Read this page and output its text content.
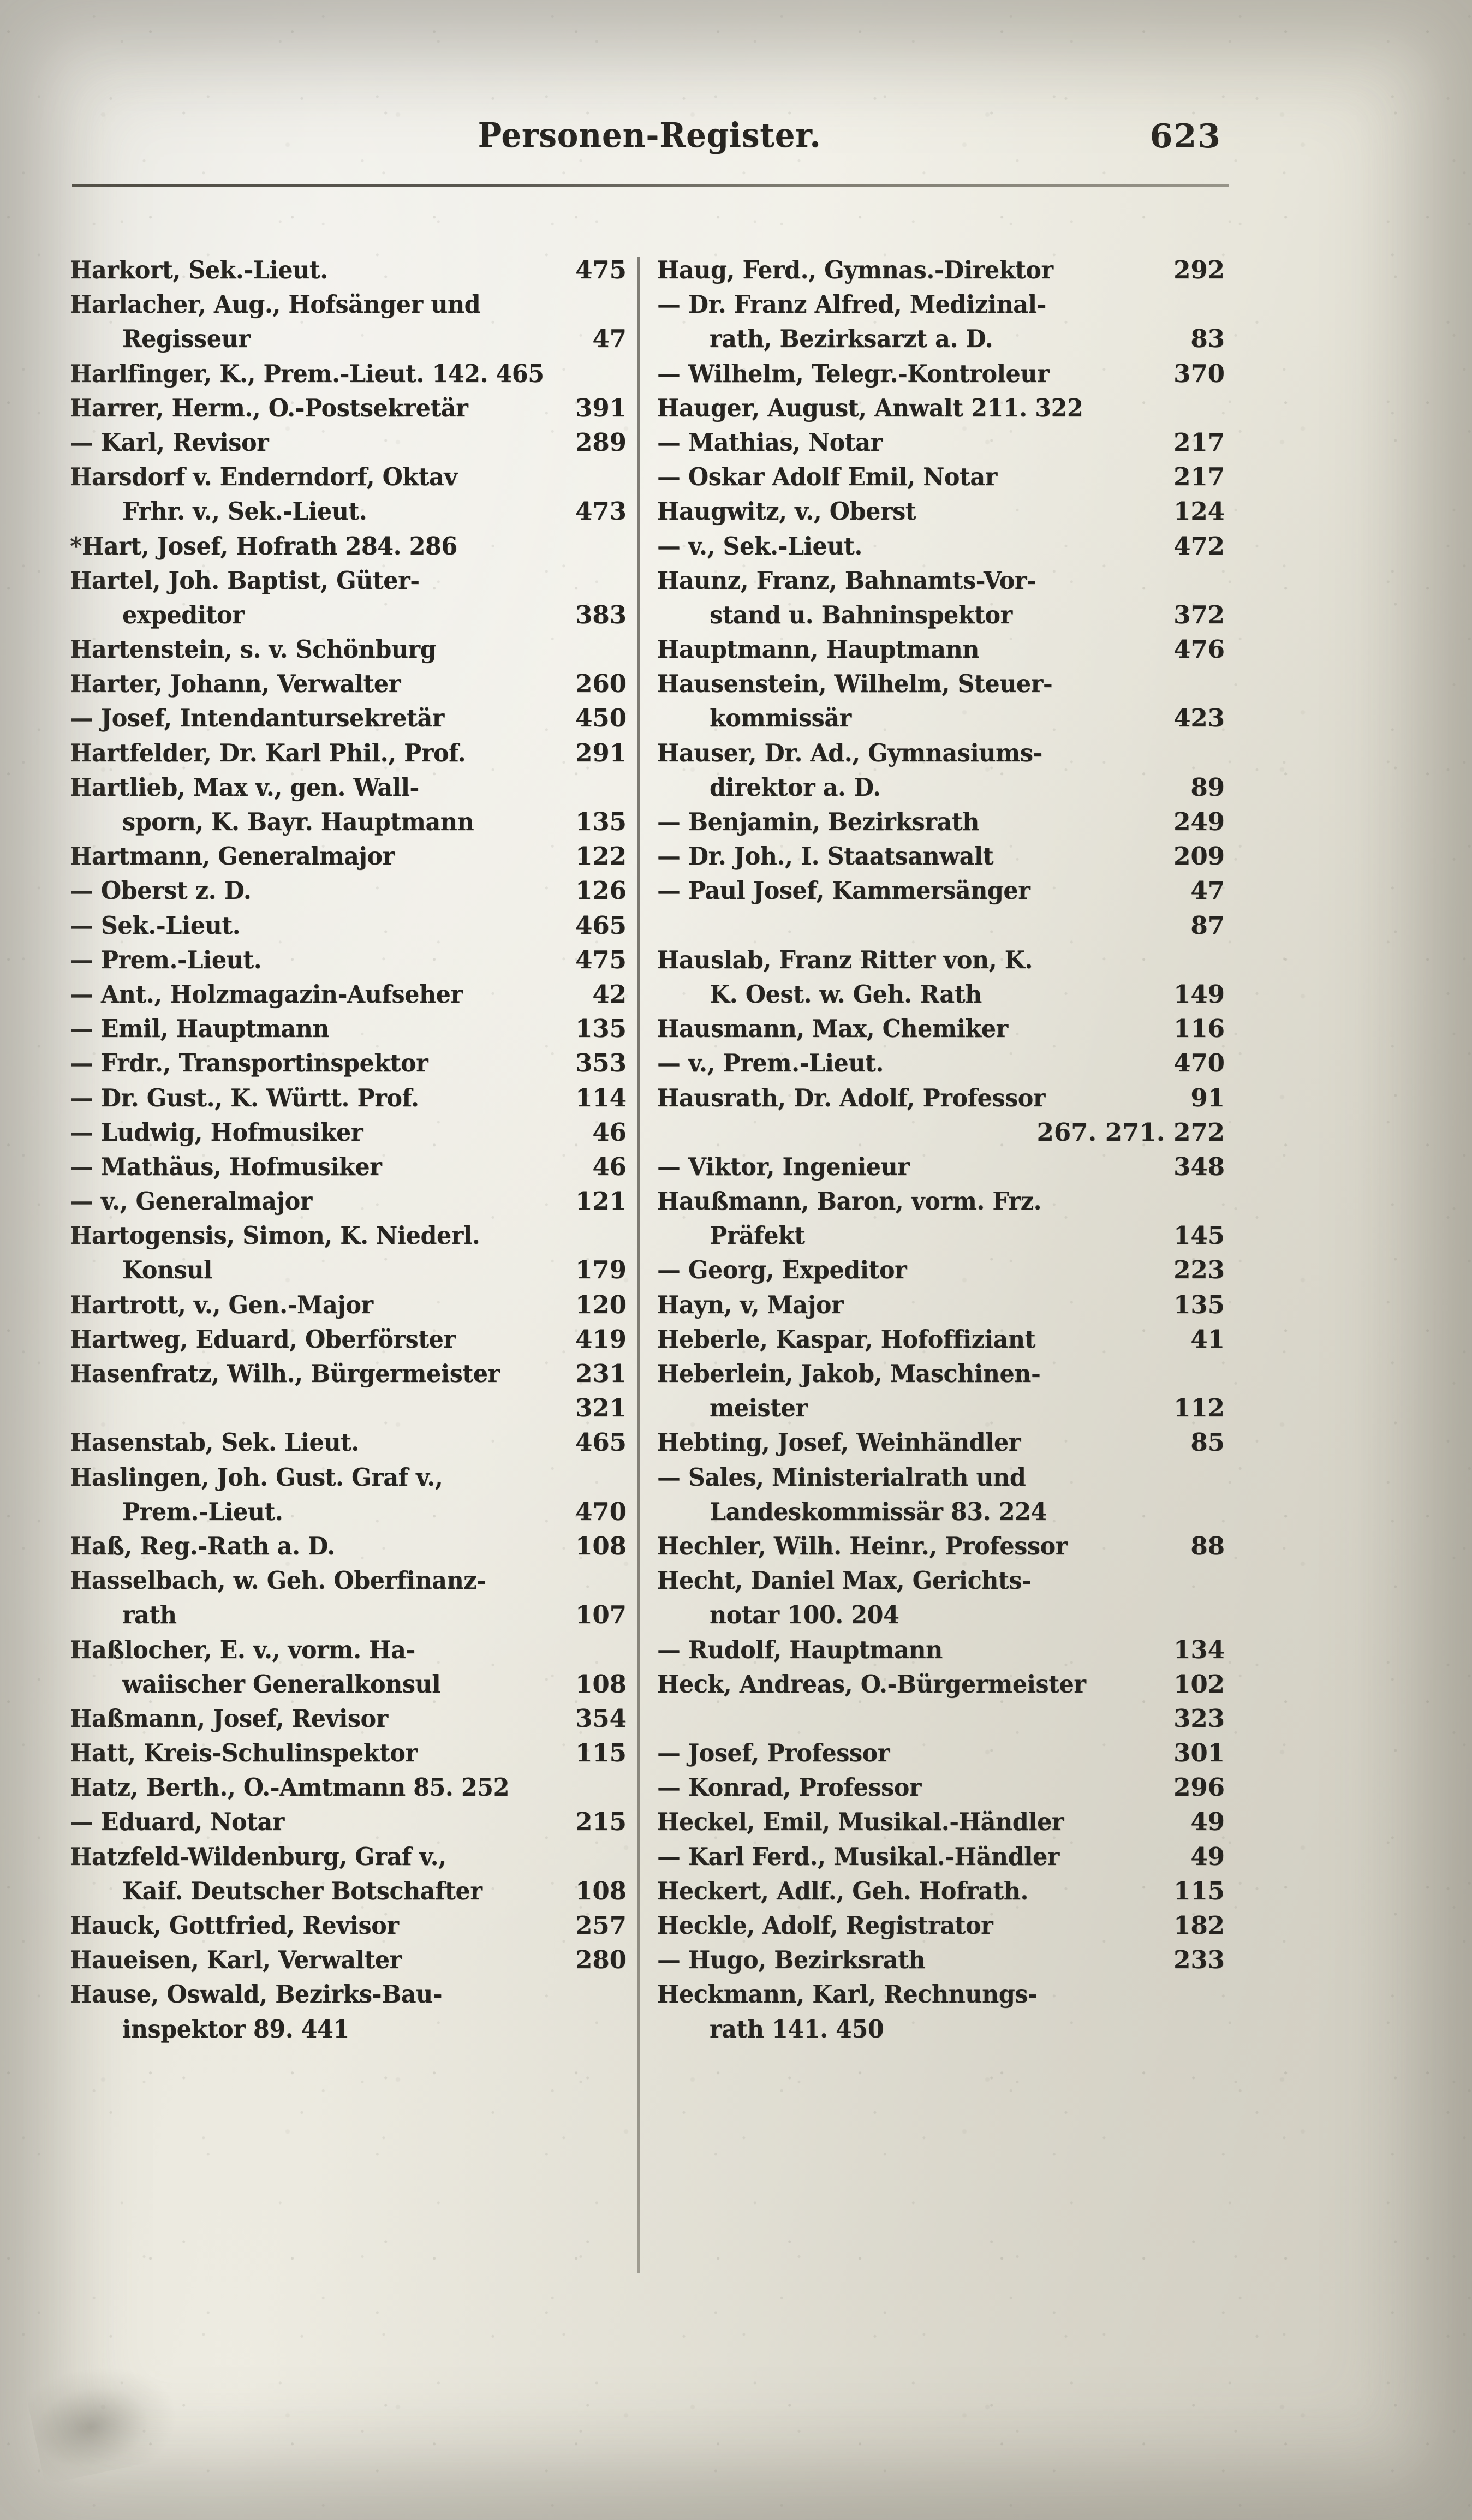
Personen-Register.	623
Harkort, Sek.-Lieut.	475
Harlacher, Aug., Hofsänger und
Regisseur	47
Harlfinger, K., Prem.-Lieut. 142. 465
Harrer, Herm., O.-Postsekretär	391
— Karl, Revisor	289
Harsdorf v. Enderndorf, Oktav
Frhr. v., Sek.-Lieut.	473
*Hart, Josef, Hofrath 284. 286
Hartel, Joh. Baptist, Güter-
expeditor	383
Hartenstein, s. v. Schönburg
Harter, Johann, Verwalter	260
— Josef, Intendantursekretär	450
Hartfelder, Dr. Karl Phil., Prof.	291
Hartlieb, Max v., gen. Wall-
sporn, K. Bayr. Hauptmann	135
Hartmann, Generalmajor	122
— Oberst z. D.	126
— Sek.-Lieut.	465
— Prem.-Lieut.	475
— Ant., Holzmagazin-Aufseher	42
— Emil, Hauptmann	135
— Frdr., Transportinspektor	353
— Dr. Gust., K. Württ. Prof.	114
— Ludwig, Hofmusiker	46
— Mathäus, Hofmusiker	46
— v., Generalmajor	121
Hartogensis, Simon, K. Niederl.
Konsul	179
Hartrott, v., Gen.-Major	120
Hartweg, Eduard, Oberförster	419
Hasenfratz, Wilh., Bürgermeister	231
321
Hasenstab, Sek. Lieut.	465
Haslingen, Joh. Gust. Graf v.,
Prem.-Lieut.	470
Haß, Reg.-Rath a. D.	108
Hasselbach, w. Geh. Oberfinanz-
rath	107
Haßlocher, E. v., vorm. Ha-
waiischer Generalkonsul	108
Haßmann, Josef, Revisor	354
Hatt, Kreis-Schulinspektor	115
Hatz, Berth., O.-Amtmann 85. 252
— Eduard, Notar	215
Hatzfeld-Wildenburg, Graf v.,
Kaif. Deutscher Botschafter	108
Hauck, Gottfried, Revisor	257
Haueisen, Karl, Verwalter	280
Hause, Oswald, Bezirks-Bau-
inspektor 89. 441
Haug, Ferd., Gymnas.-Direktor	292
— Dr. Franz Alfred, Medizinal-
rath, Bezirksarzt a. D.	83
— Wilhelm, Telegr.-Kontroleur	370
Hauger, August, Anwalt 211. 322
— Mathias, Notar	217
— Oskar Adolf Emil, Notar	217
Haugwitz, v., Oberst	124
— v., Sek.-Lieut.	472
Haunz, Franz, Bahnamts-Vor-
stand u. Bahninspektor	372
Hauptmann, Hauptmann	476
Hausenstein, Wilhelm, Steuer-
kommissär	423
Hauser, Dr. Ad., Gymnasiums-
direktor a. D.	89
— Benjamin, Bezirksrath	249
— Dr. Joh., I. Staatsanwalt	209
— Paul Josef, Kammersänger	47
87
Hauslab, Franz Ritter von, K.
K. Oest. w. Geh. Rath	149
Hausmann, Max, Chemiker	116
— v., Prem.-Lieut.	470
Hausrath, Dr. Adolf, Professor	91
267. 271. 272
— Viktor, Ingenieur	348
Haußmann, Baron, vorm. Frz.
Präfekt	145
— Georg, Expeditor	223
Hayn, v, Major	135
Heberle, Kaspar, Hofoffiziant	41
Heberlein, Jakob, Maschinen-
meister	112
Hebting, Josef, Weinhändler	85
— Sales, Ministerialrath und
Landeskommissär 83. 224
Hechler, Wilh. Heinr., Professor	88
Hecht, Daniel Max, Gerichts-
notar 100. 204
— Rudolf, Hauptmann	134
Heck, Andreas, O.-Bürgermeister	102
323
— Josef, Professor	301
— Konrad, Professor	296
Heckel, Emil, Musikal.-Händler	49
— Karl Ferd., Musikal.-Händler	49
Heckert, Adlf., Geh. Hofrath.	115
Heckle, Adolf, Registrator	182
— Hugo, Bezirksrath	233
Heckmann, Karl, Rechnungs-
rath 141. 450
